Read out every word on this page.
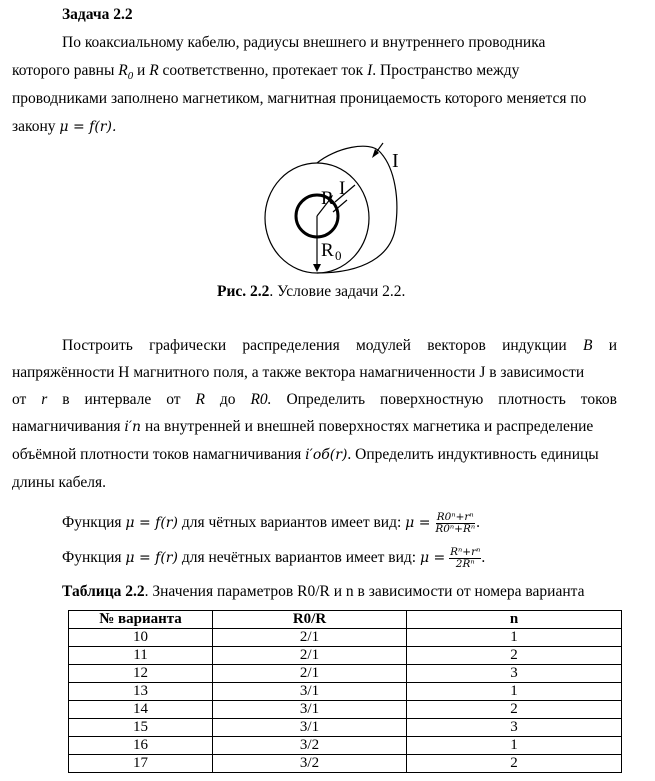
Задача 2.2
По коаксиальному кабелю, радиусы внешнего и внутреннего проводника
которого равны $R_0$ и R соответственно, протекает ток I. Пространство между
проводниками заполнено магнетиком, магнитная проницаемость которого меняется по
закону μ = f(r).
I
I
R
R 0
Рис. 2.2. Условие задачи 2.2.
Построить графически распределения модулей векторов индукции B и
напряжённости H магнитного поля, а также вектора намагниченности J в зависимости
от r в интервале от R до R0. Определить поверхностную плотность токов
намагничивания i′п на внутренней и внешней поверхностях магнетика и распределение
объёмной плотности токов намагничивания i′об(r). Определить индуктивность единицы
длины кабеля.
Функция μ = f(r) для чётных вариантов имеет вид: $\mu = \frac{\text{R0ⁿ+rⁿ}}{\text{R0ⁿ+Rⁿ}}$ .
Функция μ = f(r) для нечётных вариантов имеет вид: $\mu = \frac{\text{Rⁿ+rⁿ}}{\text{2Rⁿ}}$ .
Таблица 2.2. Значения параметров R0/R и n в зависимости от номера варианта
№ варианта	R0/R	n
10	2/1	1
11	2/1	2
12	2/1	3
13	3/1	1
14	3/1	2
15	3/1	3
16	3/2	1
17	3/2	2
